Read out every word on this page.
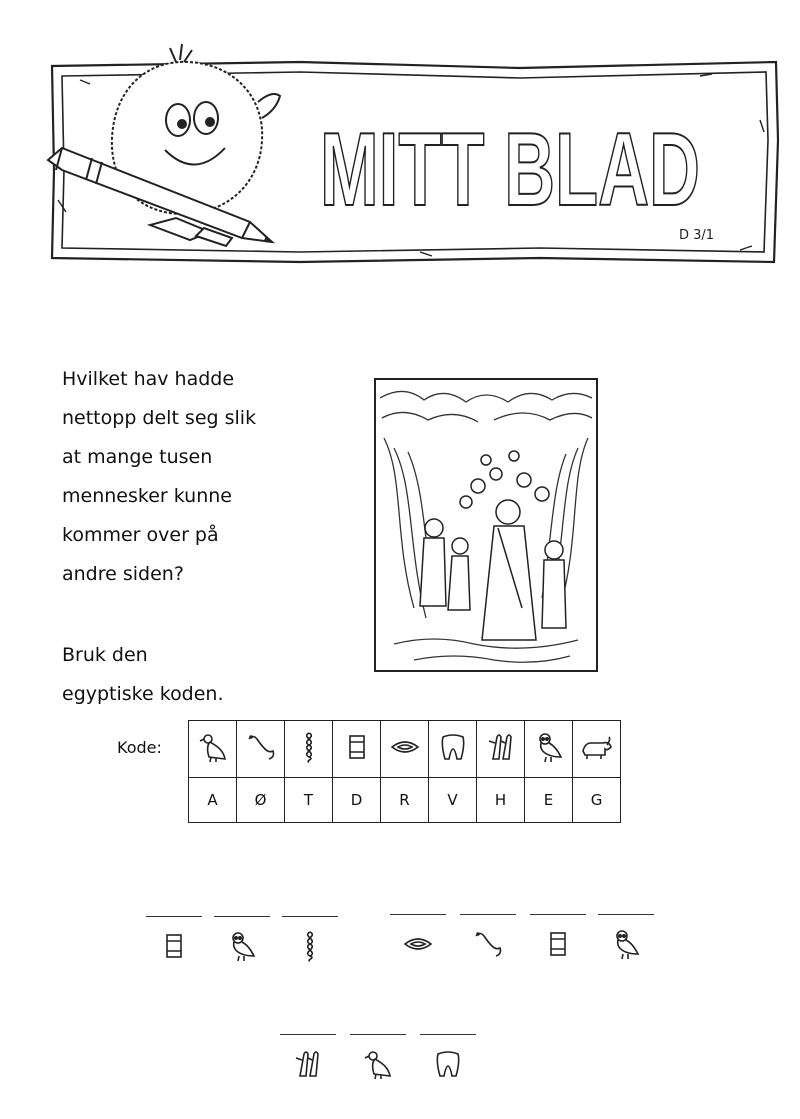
MITT BLAD
D 3/1
Hvilket hav hadde
nettopp delt seg slik
at mange tusen
mennesker kunne
kommer over på
andre siden?
Bruk den
egyptiske koden.
Kode:

A	Ø	T	D	R	V	H	E	G
